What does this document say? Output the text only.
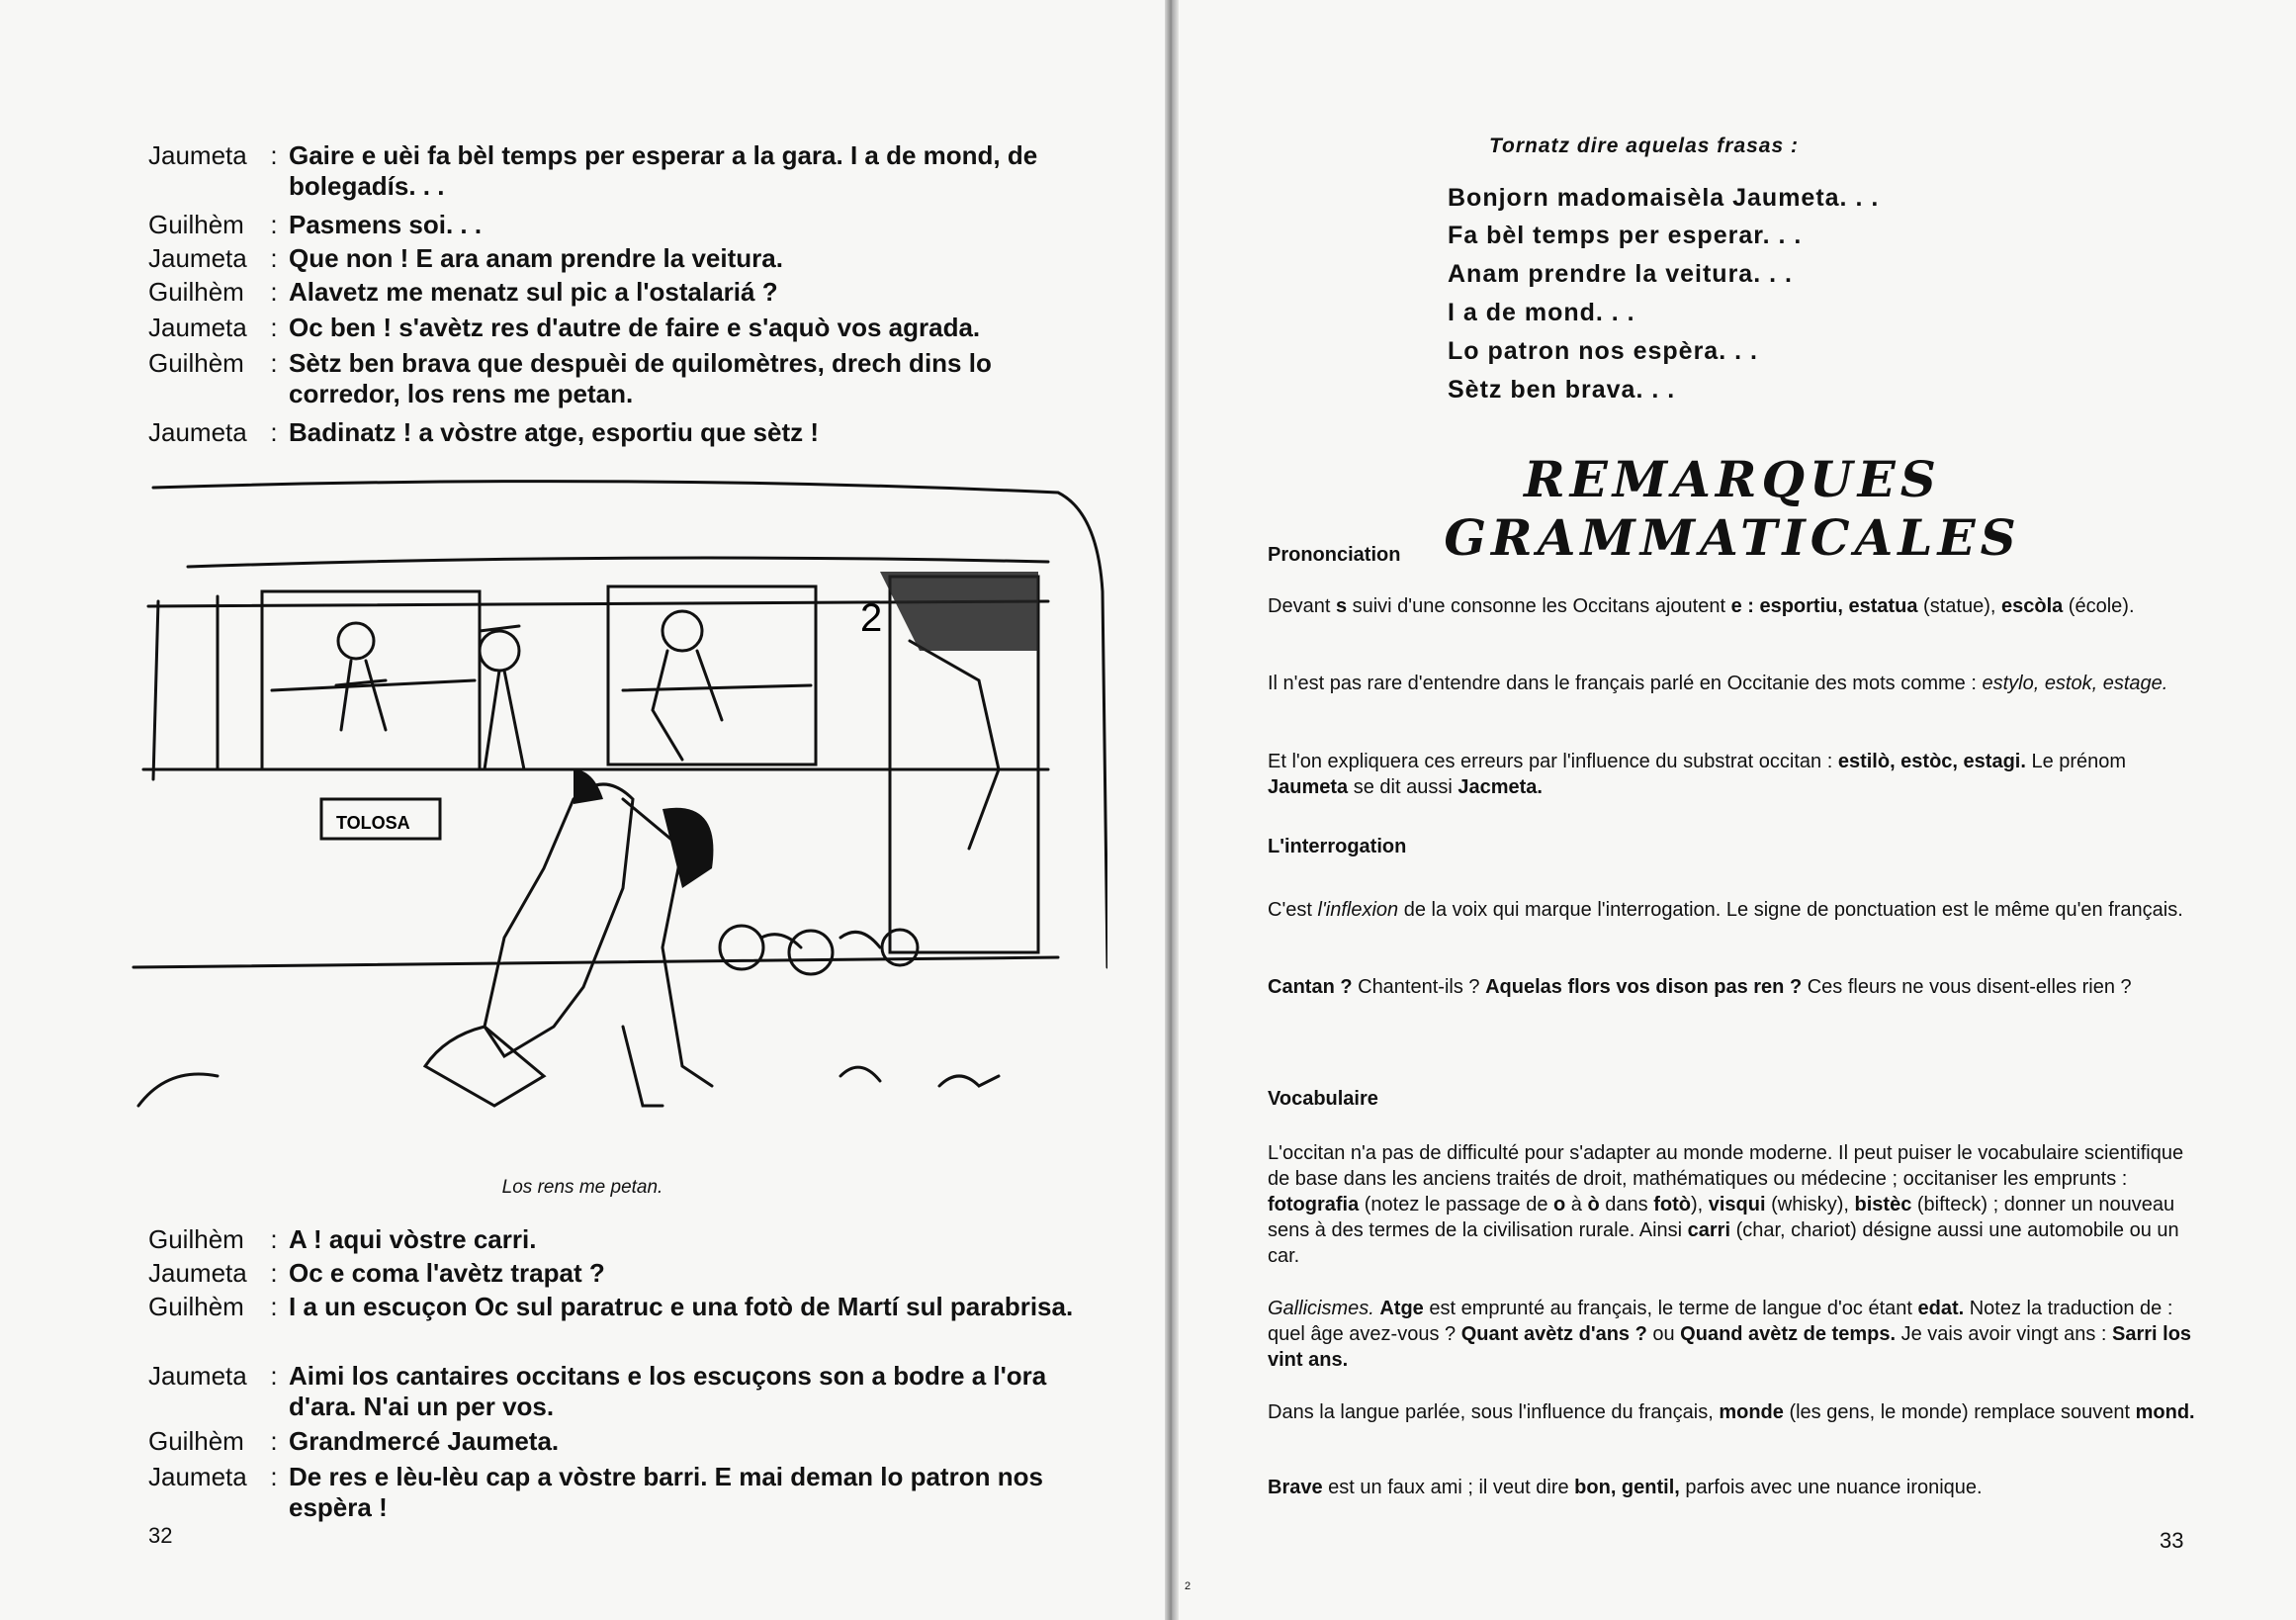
Jaumeta : Gaire e uèi fa bèl temps per esperar a la gara. I a de mond, de bolegadís. . .
Guilhèm	: Pasmens soi. . .
Jaumeta : Que non ! E ara anam prendre la veitura.
Guilhèm	: Alavetz me menatz sul pic a l'ostalariá ?
Jaumeta : Oc ben ! s'avètz res d'autre de faire e s'aquò vos agrada.
Guilhèm	: Sètz ben brava que despuèi de quilomètres, drech dins lo corredor, los rens me petan.
Jaumeta : Badinatz ! a vòstre atge, esportiu que sètz !
TOLOSA
2
Los rens me petan.
Guilhèm	: A ! aqui vòstre carri.
Jaumeta : Oc e coma l'avètz trapat ?
Guilhèm	: I a un escuçon Oc sul paratruc e una fotò de Martí sul parabrisa.
Jaumeta : Aimi los cantaires occitans e los escuçons son a bodre a l'ora d'ara. N'ai un per vos.
Guilhèm	: Grandmercé Jaumeta.
Jaumeta : De res e lèu-lèu cap a vòstre barri. E mai deman lo patron nos espèra !
32
Tornatz dire aquelas frasas :
Bonjorn madomaisèla Jaumeta. . .
Fa bèl temps per esperar. . .
Anam prendre la veitura. . .
I a de mond. . .
Lo patron nos espèra. . .
Sètz ben brava. . .
REMARQUES GRAMMATICALES
Prononciation
Devant s suivi d'une consonne les Occitans ajoutent e : esportiu, estatua (statue), escòla (école).
Il n'est pas rare d'entendre dans le français parlé en Occitanie des mots comme : estylo, estok, estage.
Et l'on expliquera ces erreurs par l'influence du substrat occitan : estilò, estòc, estagi. Le prénom Jaumeta se dit aussi Jacmeta.
L'interrogation
C'est l'inflexion de la voix qui marque l'interrogation. Le signe de ponctuation est le même qu'en français.
Cantan ? Chantent-ils ? Aquelas flors vos dison pas ren ? Ces fleurs ne vous disent-elles rien ?
Vocabulaire
L'occitan n'a pas de difficulté pour s'adapter au monde moderne. Il peut puiser le vocabulaire scientifique de base dans les anciens traités de droit, mathématiques ou médecine ; occitaniser les emprunts : fotografia (notez le passage de o à ò dans fotò), visqui (whisky), bistèc (bifteck) ; donner un nouveau sens à des termes de la civilisation rurale. Ainsi carri (char, chariot) désigne aussi une automobile ou un car.
Gallicismes. Atge est emprunté au français, le terme de langue d'oc étant edat. Notez la traduction de : quel âge avez-vous ? Quant avètz d'ans ? ou Quand avètz de temps. Je vais avoir vingt ans : Sarri los vint ans.
Dans la langue parlée, sous l'influence du français, monde (les gens, le monde) remplace souvent mond.
Brave est un faux ami ; il veut dire bon, gentil, parfois avec une nuance ironique.
33
2
